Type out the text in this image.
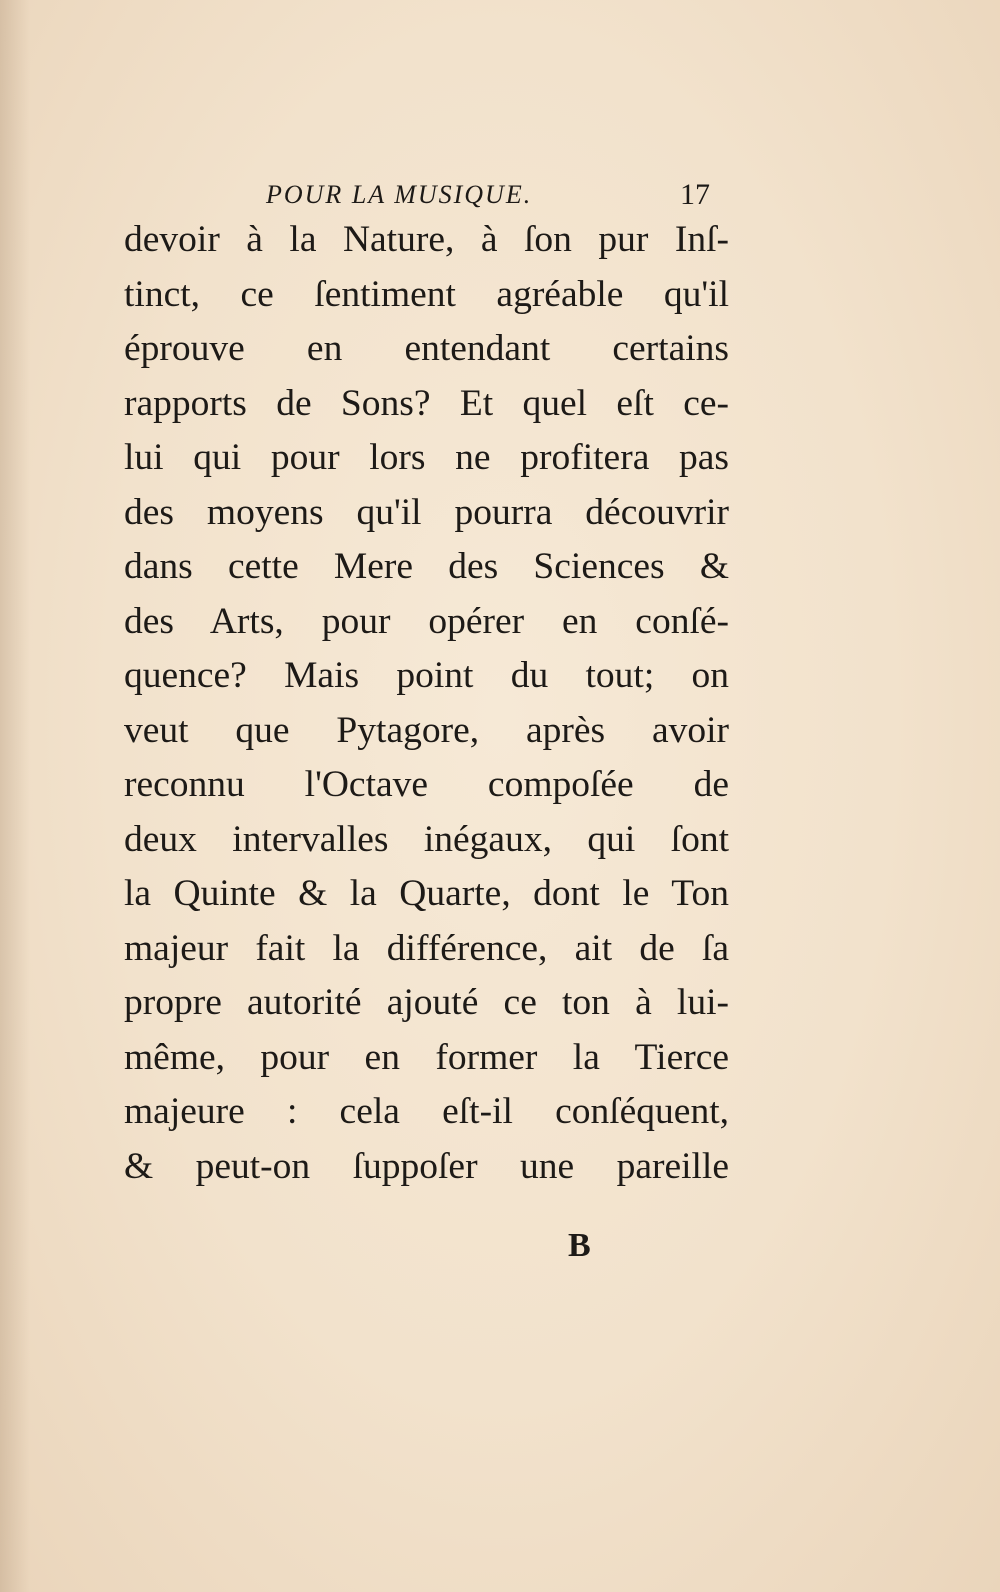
POUR LA MUSIQUE.	17
devoir à la Nature, à ſon pur Inſ-
tinct, ce ſentiment agréable qu'il
éprouve en entendant certains
rapports de Sons? Et quel eſt ce-
lui qui pour lors ne profitera pas
des moyens qu'il pourra découvrir
dans cette Mere des Sciences &
des Arts, pour opérer en conſé-
quence? Mais point du tout; on
veut que Pytagore, après avoir
reconnu l'Octave compoſée de
deux intervalles inégaux, qui ſont
la Quinte & la Quarte, dont le Ton
majeur fait la différence, ait de ſa
propre autorité ajouté ce ton à lui-
même, pour en former la Tierce
majeure : cela eſt-il conſéquent,
& peut-on ſuppoſer une pareille
B
